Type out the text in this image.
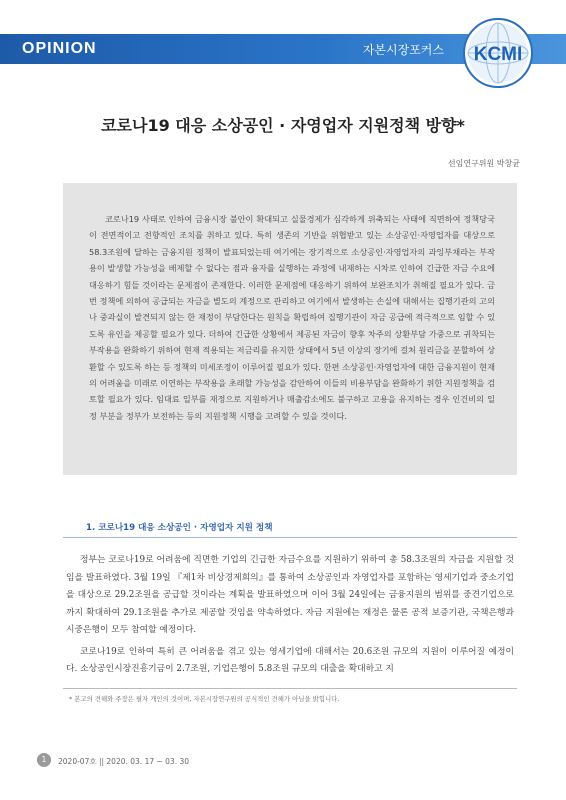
OPINION	자본시장포커스 KCMI
코로나19 대응 소상공인 · 자영업자 지원정책 방향*
선임연구위원 박창균

코로나19 사태로 인하여 금융시장 불안이 확대되고 실물경제가 심각하게 위축되는 사태에 직면하여 정책당국이 전면적이고 전향적인 조치를 취하고 있다. 특히 생존의 기반을 위협받고 있는 소상공인·자영업자를 대상으로 58.3조원에 달하는 금융지원 정책이 발표되었는데 여기에는 장기적으로 소상공인·자영업자의 과잉부채라는 부작용이 발생할 가능성을 배제할 수 없다는 점과 융자를 실행하는 과정에 내재하는 시차로 인하여 긴급한 자금 수요에 대응하기 힘들 것이라는 문제점이 존재한다. 이러한 문제점에 대응하기 위하여 보완조치가 취해질 필요가 있다. 금번 정책에 의하여 공급되는 자금을 별도의 계정으로 관리하고 여기에서 발생하는 손실에 대해서는 집행기관의 고의나 중과실이 발견되지 않는 한 재정이 부담한다는 원칙을 확립하여 집행기관이 자금 공급에 적극적으로 임할 수 있도록 유인을 제공할 필요가 있다. 더하여 긴급한 상황에서 제공된 자금이 향후 차주의 상환부담 가중으로 귀착되는 부작용을 완화하기 위하여 현재 적용되는 저금리를 유지한 상태에서 5년 이상의 장기에 걸쳐 원리금을 분할하여 상환할 수 있도록 하는 등 정책의 미세조정이 이루어질 필요가 있다. 한편 소상공인·자영업자에 대한 금융지원이 현재의 어려움을 미래로 이연하는 부작용을 초래할 가능성을 감안하여 이들의 비용부담을 완화하기 위한 지원정책을 검토할 필요가 있다. 임대료 일부를 재정으로 지원하거나 매출감소에도 불구하고 고용을 유지하는 경우 인건비의 일정 부분을 정부가 보전하는 등의 지원정책 시행을 고려할 수 있을 것이다.

1. 코로나19 대응 소상공인 · 자영업자 지원 정책

정부는 코로나19로 어려움에 직면한 기업의 긴급한 자금수요를 지원하기 위하여 총 58.3조원의 자금을 지원할 것임을 발표하였다. 3월 19일 『제1차 비상경제회의』를 통하여 소상공인과 자영업자를 포함하는 영세기업과 중소기업을 대상으로 29.2조원을 공급할 것이라는 계획을 발표하였으며 이어 3월 24일에는 금융지원의 범위를 중견기업으로까지 확대하여 29.1조원을 추가로 제공할 것임을 약속하였다. 자금 지원에는 재정은 물론 공적 보증기관, 국책은행과 시중은행이 모두 참여할 예정이다.

코로나19로 인하여 특히 큰 어려움을 겪고 있는 영세기업에 대해서는 20.6조원 규모의 지원이 이루어질 예정이다. 소상공인시장진흥기금이 2.7조원, 기업은행이 5.8조원 규모의 대출을 확대하고 지

* 본고의 견해와 주장은 필자 개인의 것이며, 자본시장연구원의 공식적인 견해가 아님을 밝힙니다.
1	2020-07호 || 2020. 03. 17 ~ 03. 30
